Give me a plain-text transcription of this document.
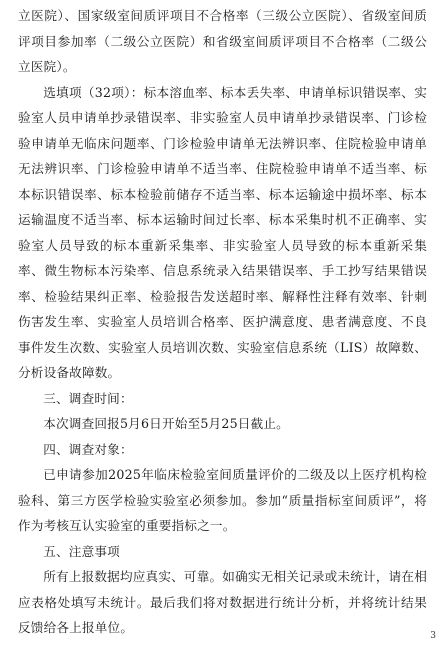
立医院）、国家级室间质评项目不合格率（三级公立医院）、省级室间质评项目参加率（二级公立医院）和省级室间质评项目不合格率（二级公立医院）。

选填项（32项）：标本溶血率、标本丢失率、申请单标识错误率、实验室人员申请单抄录错误率、非实验室人员申请单抄录错误率、门诊检验申请单无临床问题率、门诊检验申请单无法辨识率、住院检验申请单无法辨识率、门诊检验申请单不适当率、住院检验申请单不适当率、标本标识错误率、标本检验前储存不适当率、标本运输途中损坏率、标本运输温度不适当率、标本运输时间过长率、标本采集时机不正确率、实验室人员导致的标本重新采集率、非实验室人员导致的标本重新采集率、微生物标本污染率、信息系统录入结果错误率、手工抄写结果错误率、检验结果纠正率、检验报告发送超时率、解释性注释有效率、针刺伤害发生率、实验室人员培训合格率、医护满意度、患者满意度、不良事件发生次数、实验室人员培训次数、实验室信息系统（LIS）故障数、分析设备故障数。

三、调查时间：

本次调查回报5月6日开始至5月25日截止。

四、调查对象：

已申请参加2025年临床检验室间质量评价的二级及以上医疗机构检验科、第三方医学检验实验室必须参加。参加“质量指标室间质评”，将作为考核互认实验室的重要指标之一。

五、注意事项

所有上报数据均应真实、可靠。如确实无相关记录或未统计，请在相应表格处填写未统计。最后我们将对数据进行统计分析，并将统计结果反馈给各上报单位。

3
